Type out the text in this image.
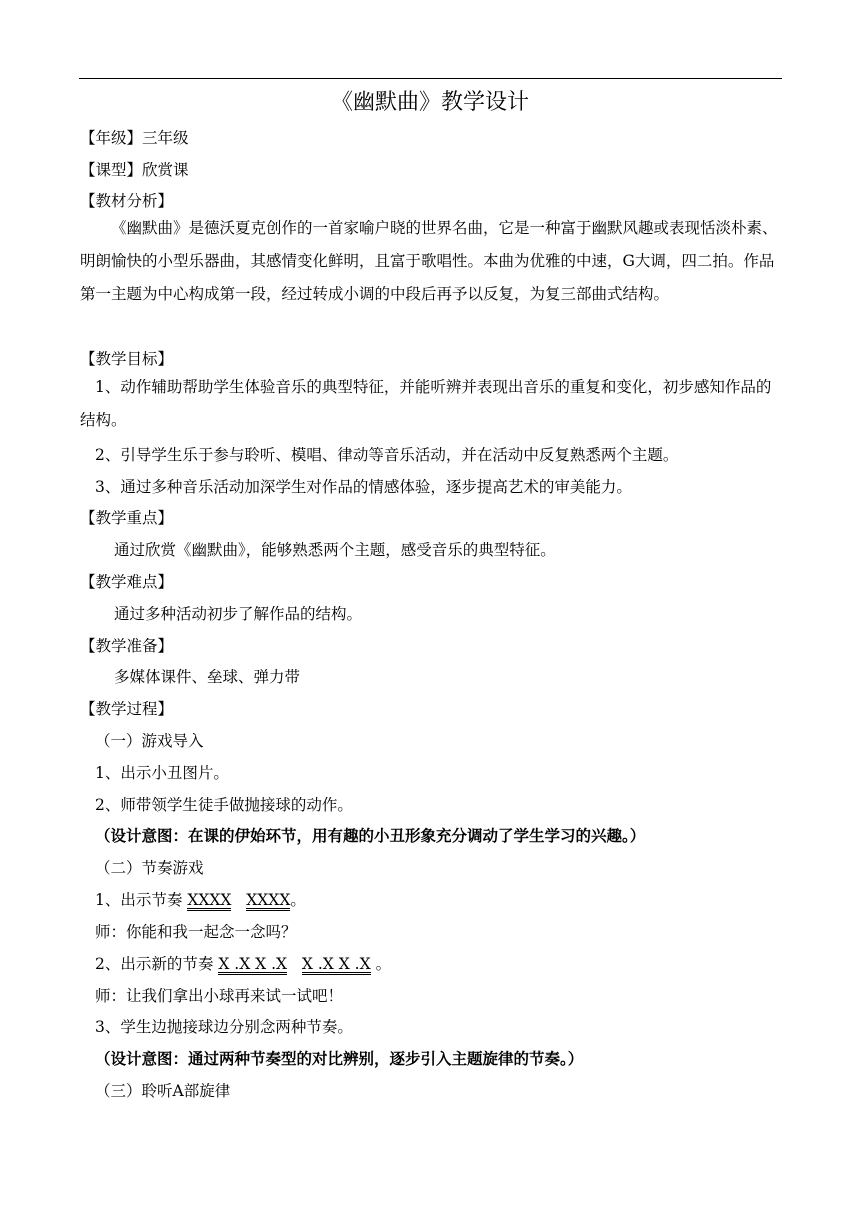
《幽默曲》教学设计
【年级】三年级
【课型】欣赏课
【教材分析】
《幽默曲》是德沃夏克创作的一首家喻户晓的世界名曲，它是一种富于幽默风趣或表现恬淡朴素、明朗愉快的小型乐器曲，其感情变化鲜明，且富于歌唱性。本曲为优雅的中速，G大调，四二拍。作品第一主题为中心构成第一段，经过转成小调的中段后再予以反复，为复三部曲式结构。
【教学目标】
1、动作辅助帮助学生体验音乐的典型特征，并能听辨并表现出音乐的重复和变化，初步感知作品的结构。
2、引导学生乐于参与聆听、模唱、律动等音乐活动，并在活动中反复熟悉两个主题。
3、通过多种音乐活动加深学生对作品的情感体验，逐步提高艺术的审美能力。
【教学重点】
通过欣赏《幽默曲》，能够熟悉两个主题，感受音乐的典型特征。
【教学难点】
通过多种活动初步了解作品的结构。
【教学准备】
多媒体课件、垒球、弹力带
【教学过程】
（一）游戏导入
1、出示小丑图片。
2、师带领学生徒手做抛接球的动作。
（设计意图：在课的伊始环节，用有趣的小丑形象充分调动了学生学习的兴趣。）
（二）节奏游戏
1、出示节奏 XXXX XXXX。
师：你能和我一起念一念吗？
2、出示新的节奏 X .X X .X X .X X .X 。
师：让我们拿出小球再来试一试吧！
3、学生边抛接球边分别念两种节奏。
（设计意图：通过两种节奏型的对比辨别，逐步引入主题旋律的节奏。）
（三）聆听A部旋律
